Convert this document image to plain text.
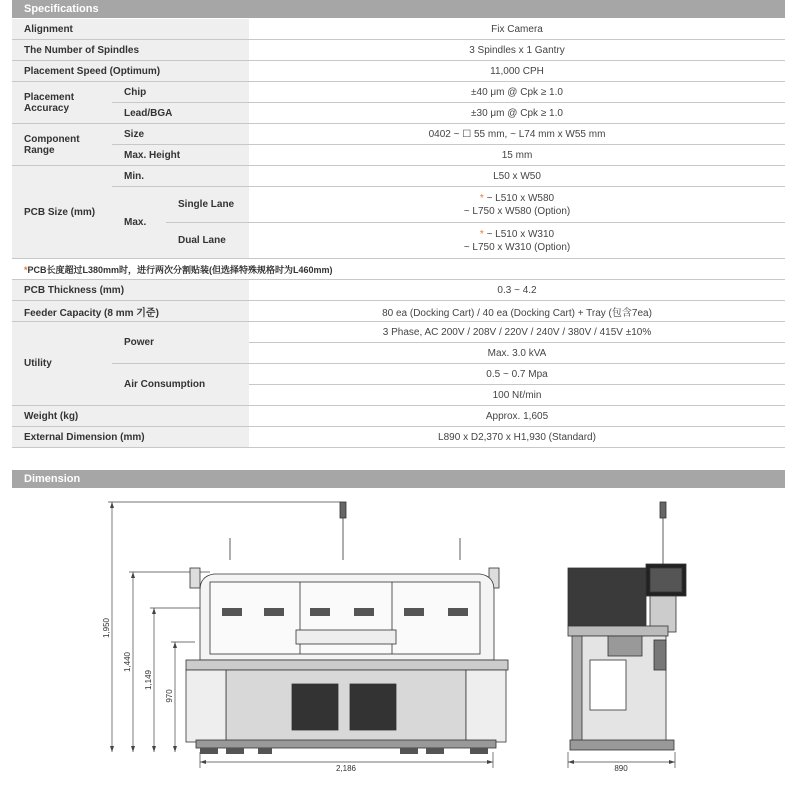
Specifications
Alignment			Fix Camera
The Number of Spindles			3 Spindles x 1 Gantry
Placement Speed (Optimum)			11,000 CPH
Placement Accuracy	Chip		±40 μm @ Cpk ≥ 1.0
	Lead/BGA		±30 μm @ Cpk ≥ 1.0
Component Range	Size		0402 ~ ☐ 55 mm, ~ L74 mm x W55 mm
	Max. Height		15 mm
PCB Size (mm)	Min.		L50 x W50
	Max.	Single Lane	* ~ L510 x W580
~ L750 x W580 (Option)
		Dual Lane	* ~ L510 x W310
~ L750 x W310 (Option)
*PCB长度超过L380mm时，进行两次分割贴装(但选择特殊规格时为L460mm)			
PCB Thickness (mm)			0.3 ~ 4.2
Feeder Capacity (8 mm 기준)			80 ea (Docking Cart) / 40 ea (Docking Cart) + Tray (包含7ea)
Utility	Power		3 Phase, AC 200V / 208V / 220V / 240V / 380V / 415V ±10%
			Max. 3.0 kVA
	Air Consumption		0.5 ~ 0.7 Mpa
			100 Nℓ/min
Weight (kg)			Approx. 1,605
External Dimension (mm)			L890 x D2,370 x H1,930 (Standard)
Dimension
1,950
1,440
1,149
970
2,186	890
